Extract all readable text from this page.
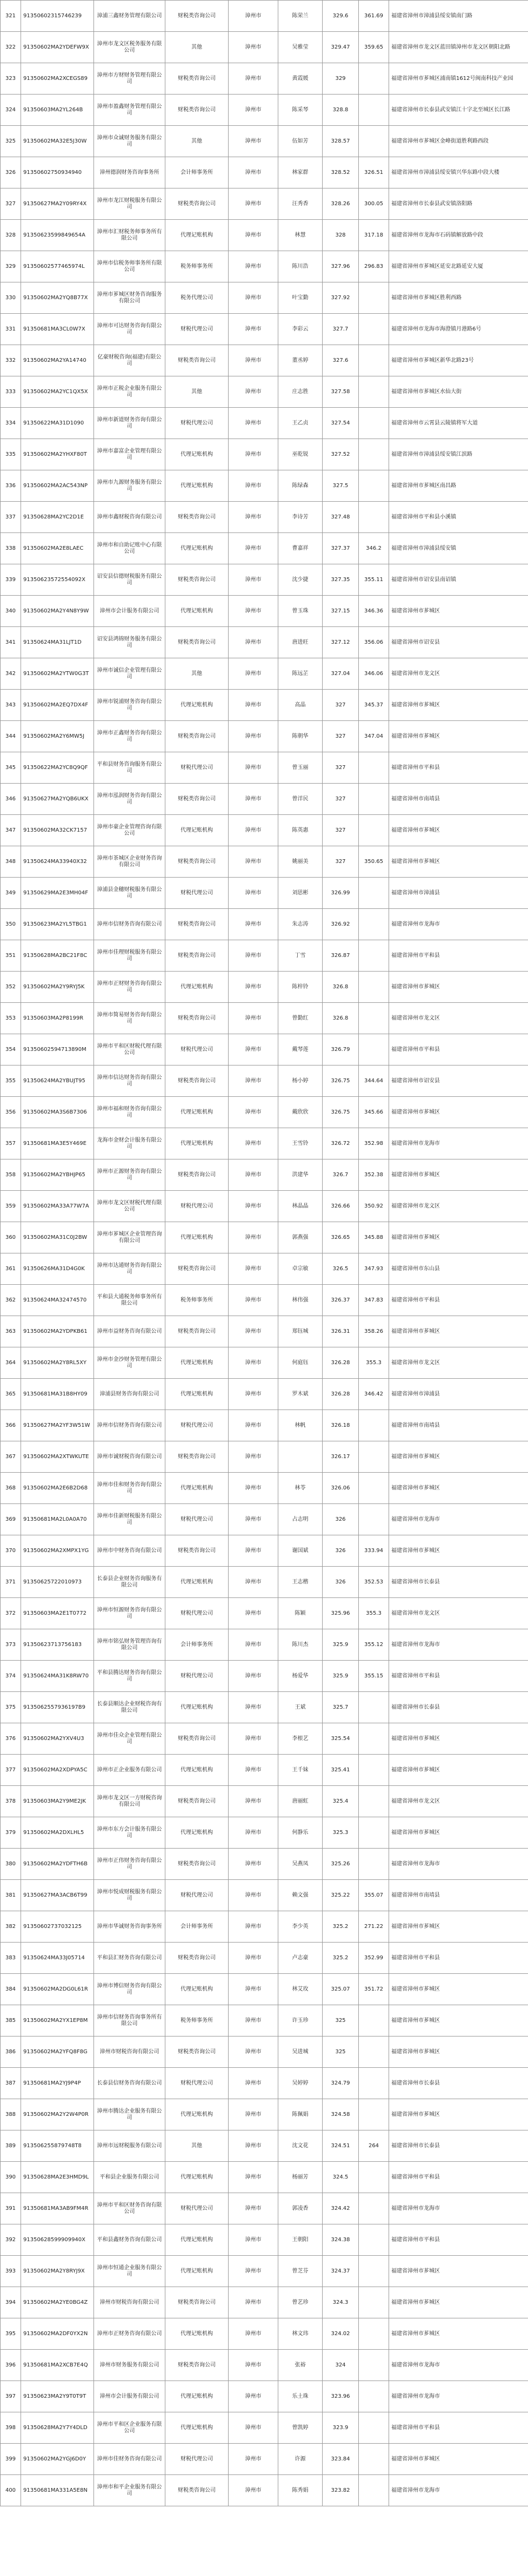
321	91350602315746239	漳浦三鑫财务管理有限公司	财税类咨询公司	漳州市	陈荣兰	329.6	361.69	福建省漳州市漳浦县绥安镇南门路
322	91350602MA2YDEFW9X	漳州市龙文区税务服务有限公司	其他	漳州市	吴雅莹	329.47	359.65	福建省漳州市龙文区蓝田镇漳州市龙文区朝阳北路
323	91350602MA2XCEGS89	漳州市方财财务管理有限公司	财税类咨询公司	漳州市	黄霞媛	329		福建省漳州市芗城区浦南镇1612号闽南科技产业园
324	91350603MA2YL264B	漳州市盈鑫财务管理有限公司	财税类咨询公司	漳州市	陈采琴	328.8		福建省漳州市长泰县武安镇江十字北至城区长江路
325	91350602MA32E5J30W	漳州市众诚财务服务有限公司	其他	漳州市	伍如芳	328.57		福建省漳州市芗城区金峰街道胜利路西段
326	91350602750934940	漳州德润财务咨询事务所	会计师事务所	漳州市	林家群	328.52	326.51	福建省漳州市漳浦县绥安镇兴华东路中段大楼
327	91350627MA2Y09RY4X	漳州市龙江财税服务有限公司	财税类咨询公司	漳州市	汪秀香	328.26	300.05	福建省漳州市长泰县武安镇洛阳路
328	91350623599849654A	漳州市汇财税务师事务所有限公司	代理记账机构	漳州市	林慧	328	317.18	福建省漳州市龙海市石码镇解放路中段
329	91350602577465974L	漳州市信税务师事务所有限公司	税务师事务所	漳州市	陈川浩	327.96	296.83	福建省漳州市芗城区延安北路延安大厦
330	91350602MA2YQ8B77X	漳州市芗城区财务咨询服务有限公司	税务代理公司	漳州市	叶宝勤	327.92		福建省漳州市芗城区胜利西路
331	91350681MA3CL0W7X	漳州市可达财务咨询有限公司	财税代理公司	漳州市	李彩云	327.7		福建省漳州市龙海市海澄镇月港路6号
332	91350602MA2YA14740	亿豪财税咨询(福建)有限公司	财税类咨询公司	漳州市	董丞婷	327.6		福建省漳州市芗城区新华北路23号
333	91350602MA2YC1QX5X	漳州市正税企业服务有限公司	其他	漳州市	庄志胜	327.58		福建省漳州市芗城区水仙大街
334	91350622MA31D1090	漳州市新道财务咨询有限公司	财税代理公司	漳州市	王乙贞	327.54		福建省漳州市云霄县云陵镇将军大道
335	91350602MA2YHXF80T	漳州市嘉富企业管理有限公司	代理记账机构	漳州市	巫乾锐	327.52		福建省漳州市漳浦县绥安镇江滨路
336	91350602MA2AC543NP	漳州市九源财务服务有限公司	代理记账机构	漳州市	陈绿森	327.5		福建省漳州市芗城区南昌路
337	91350628MA2YC2D1E	漳州市鑫财税咨询有限公司	财税类咨询公司	漳州市	李诗芳	327.48		福建省漳州市平和县小溪镇
338	91350602MA2E8LAEC	漳州市和自助记账中心有限公司	代理记账机构	漳州市	曹嘉祥	327.37	346.2	福建省漳州市漳浦县绥安镇
339	91350623572554092X	诏安县信德财税服务有限公司	财税类咨询公司	漳州市	沈少捷	327.35	355.11	福建省漳州市诏安县南诏镇
340	91350602MA2Y4N8Y9W	漳州市会计服务有限公司	代理记账机构	漳州市	曾玉珠	327.15	346.36	福建省漳州市芗城区
341	91350624MA31LJT1D	诏安县鸿锦财务服务有限公司	财税类咨询公司	漳州市	唐进旺	327.12	356.06	福建省漳州市诏安县
342	91350602MA2YTW0G3T	漳州市诚信企业管理有限公司	其他	漳州市	陈远芷	327.04	346.06	福建省漳州市龙文区
343	91350602MA2EQ7DX4F	漳州市锐浦财务咨询有限公司	代理记账机构	漳州市	高晶	327	345.37	福建省漳州市芗城区
344	91350602MA2Y6MW5J	漳州市正鑫财务咨询有限公司	财税类咨询公司	漳州市	陈朝华	327	347.04	福建省漳州市芗城区
345	91350622MA2YC8Q9QF	平和县财务咨询服务有限公司	财税代理公司	漳州市	曾玉丽	327		福建省漳州市平和县
346	91350627MA2YQB6UKX	漳州市泓润财务咨询有限公司	财税类咨询公司	漳州市	曾洋民	327		福建省漳州市南靖县
347	91350602MA32CK7157	漳州市豪企业管理咨询有限公司	代理记账机构	漳州市	陈英惠	327		福建省漳州市芗城区
348	91350624MA33940X32	漳州市茶城区企业财务咨询有限公司	财税类咨询公司	漳州市	姚丽美	327	350.65	福建省漳州市芗城区
349	91350629MA2E3MH04F	漳浦县金穗财税服务有限公司	财税代理公司	漳州市	刘思彬	326.99		福建省漳州市漳浦县
350	91350623MA2YL5TBG1	漳州市信财务咨询有限公司	财税类咨询公司	漳州市	朱志涛	326.92		福建省漳州市龙海市
351	91350628MA2BC21F8C	漳州市佳理财税服务有限公司	财税类咨询公司	漳州市	丁雪	326.87		福建省漳州市平和县
352	91350602MA2Y9RYJ5K	漳州市正财财务咨询有限公司	代理记账机构	漳州市	陈梓铃	326.8		福建省漳州市芗城区
353	91350603MA2P8199R	漳州市简易财务咨询有限公司	财税类咨询公司	漳州市	曾勤红	326.8		福建省漳州市龙文区
354	91350602594713890M	漳州市平和区财税代理有限公司	财税代理公司	漳州市	戴琴莲	326.79		福建省漳州市平和县
355	91350624MA2YBUJT95	漳州市信达财务咨询有限公司	财税类咨询公司	漳州市	杨小婷	326.75	344.64	福建省漳州市诏安县
356	91350602MA3S6B7306	漳州市福和财务咨询有限公司	代理记账机构	漳州市	戴欣欣	326.75	345.66	福建省漳州市芗城区
357	91350681MA3E5Y469E	龙海市金财会计服务有限公司	代理记账机构	漳州市	王雪铃	326.72	352.98	福建省漳州市龙海市
358	91350602MA2YBHJP65	漳州市正源财务咨询有限公司	财税类咨询公司	漳州市	洪建华	326.7	352.38	福建省漳州市芗城区
359	91350602MA33A77W7A	漳州市龙文区财税代理有限公司	财税代理公司	漳州市	林晶晶	326.66	350.92	福建省漳州市龙文区
360	91350602MA31C0J2BW	漳州市芗城区企业管理咨询有限公司	代理记账机构	漳州市	郭燕强	326.65	345.88	福建省漳州市芗城区
361	91350626MA31D4G0K	漳州市达通财务咨询有限公司	财税类咨询公司	漳州市	卓宗敏	326.5	347.93	福建省漳州市东山县
362	91350624MA32474570	平和县大通税务师事务所有限公司	税务师事务所	漳州市	林伟强	326.37	347.83	福建省漳州市平和县
363	91350602MA2YDPKB61	漳州市益财务咨询有限公司	财税类咨询公司	漳州市	郑钰城	326.31	358.26	福建省漳州市芗城区
364	91350602MA2Y8RL5XY	漳州市金沙财务管理有限公司	代理记账机构	漳州市	何庭钰	326.28	355.3	福建省漳州市龙文区
365	91350681MA31B8HY09	漳浦县财务咨询有限公司	代理记账机构	漳州市	罗木斌	326.28	346.42	福建省漳州市漳浦县
366	91350627MA2YF3W51W	漳州市信财务咨询有限公司	财税代理公司	漳州市	林帆	326.18		福建省漳州市南靖县
367	91350602MA2XTWKUTE	漳州市诚财税咨询有限公司	财税类咨询公司	漳州市		326.17		福建省漳州市芗城区
368	91350602MA2E6B2D68	漳州市佳和财务咨询有限公司	代理记账机构	漳州市	林苓	326.06		福建省漳州市芗城区
369	91350681MA2L0A0A70	漳州市佳新财税服务有限公司	财税代理公司	漳州市	占志明	326		福建省漳州市龙海市
370	91350602MA2XMPX1YG	漳州市中财务咨询有限公司	财税类咨询公司	漳州市	谢国斌	326	333.94	福建省漳州市芗城区
371	91350625722010973	长泰县企业财务咨询服务有限公司	代理记账机构	漳州市	王志楷	326	352.53	福建省漳州市长泰县
372	91350603MA2E1T0772	漳州市恒源财务咨询有限公司	财税代理公司	漳州市	陈颖	325.96	355.3	福建省漳州市龙文区
373	91350623713756183	漳州市铭弘财务管理咨询有限公司	会计师事务所	漳州市	陈川杰	325.9	355.12	福建省漳州市龙海市
374	91350624MA31K8RW70	平和县腾达财务咨询有限公司	财税代理公司	漳州市	杨爱华	325.9	355.15	福建省漳州市平和县
375	9135062557936197B9	长泰县顺达企业财税咨询有限公司	代理记账机构	漳州市	王斌	325.7		福建省漳州市长泰县
376	91350602MA2YXV4U3	漳州市佳众企业管理有限公司	财税类咨询公司	漳州市	李根艺	325.54		福建省漳州市芗城区
377	91350602MA2XDPYA5C	漳州市正企业服务有限公司	代理记账机构	漳州市	王千妹	325.41		福建省漳州市芗城区
378	91350603MA2Y9ME2JK	漳州市龙文区一方财税咨询有限公司	财税类咨询公司	漳州市	唐丽虹	325.4		福建省漳州市龙文区
379	91350602MA2DXLHL5	漳州市东方会计服务有限公司	代理记账机构	漳州市	何静乐	325.3		福建省漳州市芗城区
380	91350602MA2YDFTH6B	漳州市正伟财务咨询有限公司	财税类咨询公司	漳州市	吴燕凤	325.26		福建省漳州市龙海市
381	91350627MA3ACB6T99	漳州市悦成财税服务有限公司	财税代理公司	漳州市	赖文强	325.22	355.07	福建省漳州市南靖县
382	91350602737032125	漳州市华诚财务咨询事务所	会计师事务所	漳州市	李少英	325.2	271.22	福建省漳州市芗城区
383	91350624MA33J05714	平和县汇财务咨询有限公司	财税类咨询公司	漳州市	卢志豪	325.2	352.99	福建省漳州市平和县
384	91350602MA2DG0L61R	漳州市博信财务咨询有限公司	代理记账机构	漳州市	林艾玫	325.07	351.72	福建省漳州市芗城区
385	91350602MA2YX1EP8M	漳州市信财务咨询事务所有限公司	税务师事务所	漳州市	许玉珍	325		福建省漳州市芗城区
386	91350602MA2YFQ8F8G	漳州市财税咨询有限公司	财税类咨询公司	漳州市	吴进城	325		福建省漳州市芗城区
387	91350681MA2YJ9P4P	长泰县信财务咨询有限公司	财税代理公司	漳州市	吴婷婷	324.79		福建省漳州市长泰县
388	91350602MA2Y2W4P0R	漳州市腾达企业服务有限公司	代理记账机构	漳州市	陈佩娟	324.58		福建省漳州市芗城区
389	913506255879748T8	漳州市远财税服务有限公司	其他	漳州市	沈文花	324.51	264	福建省漳州市长泰县
390	91350628MA2E3HMD9L	平和县企业服务有限公司	代理记账机构	漳州市	杨丽芳	324.5		福建省漳州市平和县
391	91350681MA3AB9FM4R	漳州市平和区财务咨询有限公司	财税代理公司	漳州市	郭凌香	324.42		福建省漳州市龙海市
392	91350628599909940X	平和县鑫财务咨询有限公司	代理记账机构	漳州市	王朝阳	324.38		福建省漳州市平和县
393	91350602MA2Y8RYJ9X	漳州市恒通企业服务有限公司	代理记账机构	漳州市	曾芝芬	324.37		福建省漳州市芗城区
394	91350602MA2YE0BG4Z	漳州市财税咨询有限公司	财税类咨询公司	漳州市	曾艺珍	324.3		福建省漳州市芗城区
395	91350602MA2DF0YX2N	漳州市正财务咨询有限公司	代理记账机构	漳州市	林文玮	324.02		福建省漳州市芗城区
396	91350681MA2XCB7E4Q	漳州市财务服务有限公司	财税类咨询公司	漳州市	张裕	324		福建省漳州市龙海市
397	91350623MA2Y9T0T9T	漳州市会计服务有限公司	代理记账机构	漳州市	乐土珠	323.96		福建省漳州市龙海市
398	91350628MA2Y7Y4DLD	漳州市平和区企业服务有限公司	代理记账机构	漳州市	曾凯婷	323.9		福建省漳州市平和县
399	91350602MA2YGJ6D0Y	漳州市佳财务咨询有限公司	财税代理公司	漳州市	许源	323.84		福建省漳州市芗城区
400	91350681MA331A5E8N	漳州市和平企业服务有限公司	财税类咨询公司	漳州市	陈秀娟	323.82		福建省漳州市龙海市
